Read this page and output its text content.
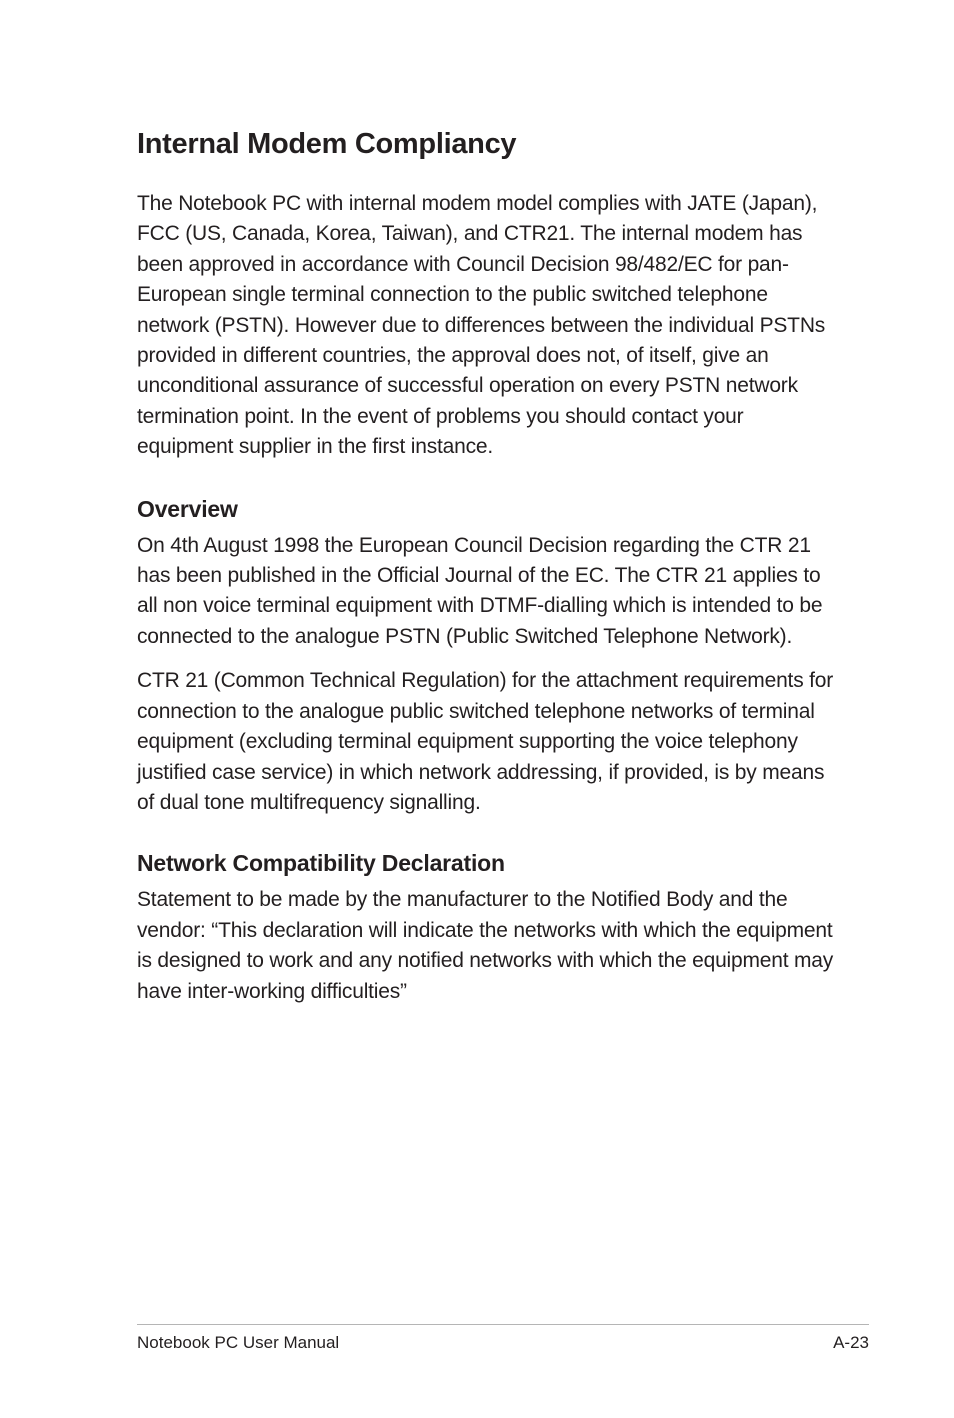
Internal Modem Compliancy

The Notebook PC with internal modem model complies with JATE (Japan), FCC (US, Canada, Korea, Taiwan), and CTR21. The internal modem has been approved in accordance with Council Decision 98/482/EC for pan-European single terminal connection to the public switched telephone network (PSTN). However due to differences between the individual PSTNs provided in different countries, the approval does not, of itself, give an unconditional assurance of successful operation on every PSTN network termination point. In the event of problems you should contact your equipment supplier in the first instance.

Overview

On 4th August 1998 the European Council Decision regarding the CTR 21 has been published in the Official Journal of the EC. The CTR 21 applies to all non voice terminal equipment with DTMF-dialling which is intended to be connected to the analogue PSTN (Public Switched Telephone Network).

CTR 21 (Common Technical Regulation) for the attachment requirements for connection to the analogue public switched telephone networks of terminal equipment (excluding terminal equipment supporting the voice telephony justified case service) in which network addressing, if provided, is by means of dual tone multifrequency signalling.

Network Compatibility Declaration

Statement to be made by the manufacturer to the Notified Body and the vendor: “This declaration will indicate the networks with which the equipment is designed to work and any notified networks with which the equipment may have inter-working difficulties”

Notebook PC User Manual	A-23
